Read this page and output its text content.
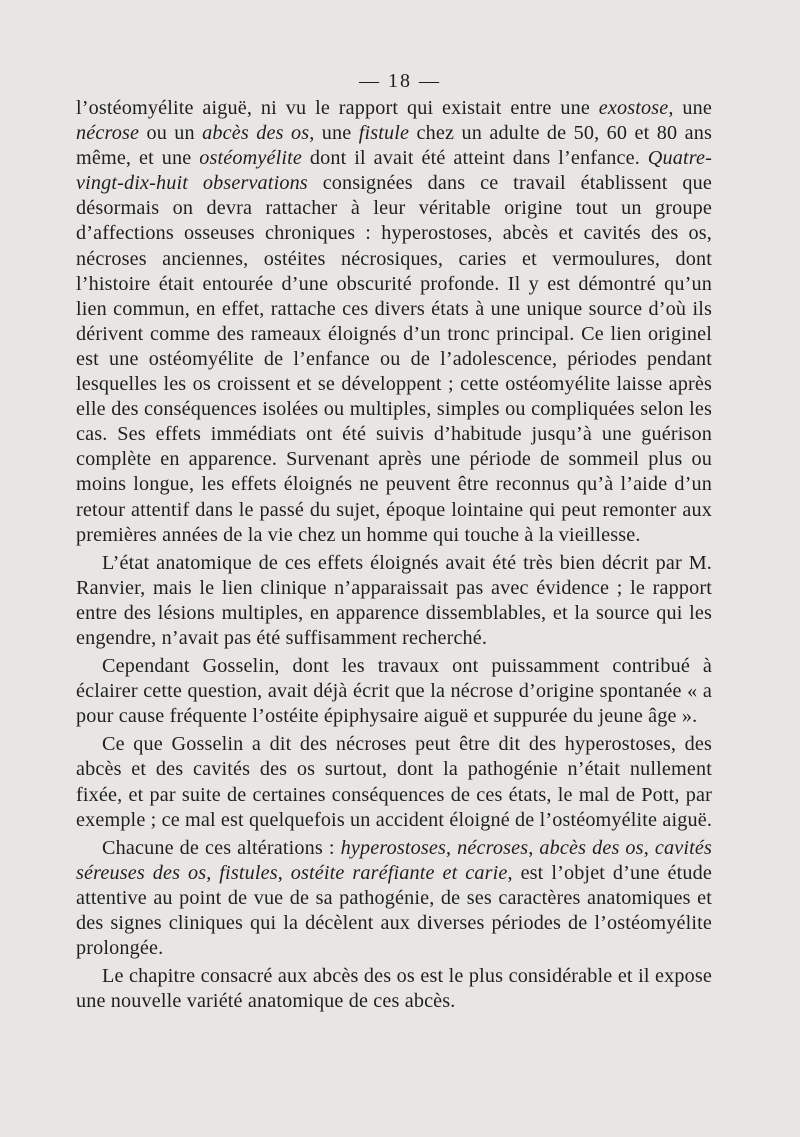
— 18 —

l’ostéomyélite aiguë, ni vu le rapport qui existait entre une exostose, une nécrose ou un abcès des os, une fistule chez un adulte de 50, 60 et 80 ans même, et une ostéomyélite dont il avait été atteint dans l’enfance. Quatre-vingt-dix-huit observations consignées dans ce travail établissent que désormais on devra rattacher à leur véritable origine tout un groupe d’affections osseuses chroniques : hyperostoses, abcès et cavités des os, nécroses anciennes, ostéites nécrosiques, caries et vermoulures, dont l’histoire était entourée d’une obscurité profonde. Il y est démontré qu’un lien commun, en effet, rattache ces divers états à une unique source d’où ils dérivent comme des rameaux éloignés d’un tronc principal. Ce lien originel est une ostéomyélite de l’enfance ou de l’adolescence, périodes pendant lesquelles les os croissent et se développent ; cette ostéomyélite laisse après elle des conséquences isolées ou multiples, simples ou compliquées selon les cas. Ses effets immédiats ont été suivis d’habitude jusqu’à une guérison complète en apparence. Survenant après une période de sommeil plus ou moins longue, les effets éloignés ne peuvent être reconnus qu’à l’aide d’un retour attentif dans le passé du sujet, époque lointaine qui peut remonter aux premières années de la vie chez un homme qui touche à la vieillesse.

L’état anatomique de ces effets éloignés avait été très bien décrit par M. Ranvier, mais le lien clinique n’apparaissait pas avec évidence ; le rapport entre des lésions multiples, en apparence dissemblables, et la source qui les engendre, n’avait pas été suffisamment recherché.

Cependant Gosselin, dont les travaux ont puissamment contribué à éclairer cette question, avait déjà écrit que la nécrose d’origine spontanée « a pour cause fréquente l’ostéite épiphysaire aiguë et suppurée du jeune âge ».

Ce que Gosselin a dit des nécroses peut être dit des hyperostoses, des abcès et des cavités des os surtout, dont la pathogénie n’était nullement fixée, et par suite de certaines conséquences de ces états, le mal de Pott, par exemple ; ce mal est quelquefois un accident éloigné de l’ostéomyélite aiguë.

Chacune de ces altérations : hyperostoses, nécroses, abcès des os, cavités séreuses des os, fistules, ostéite raréfiante et carie, est l’objet d’une étude attentive au point de vue de sa pathogénie, de ses caractères anatomiques et des signes cliniques qui la décèlent aux diverses périodes de l’ostéomyélite prolongée.

Le chapitre consacré aux abcès des os est le plus considérable et il expose une nouvelle variété anatomique de ces abcès.
